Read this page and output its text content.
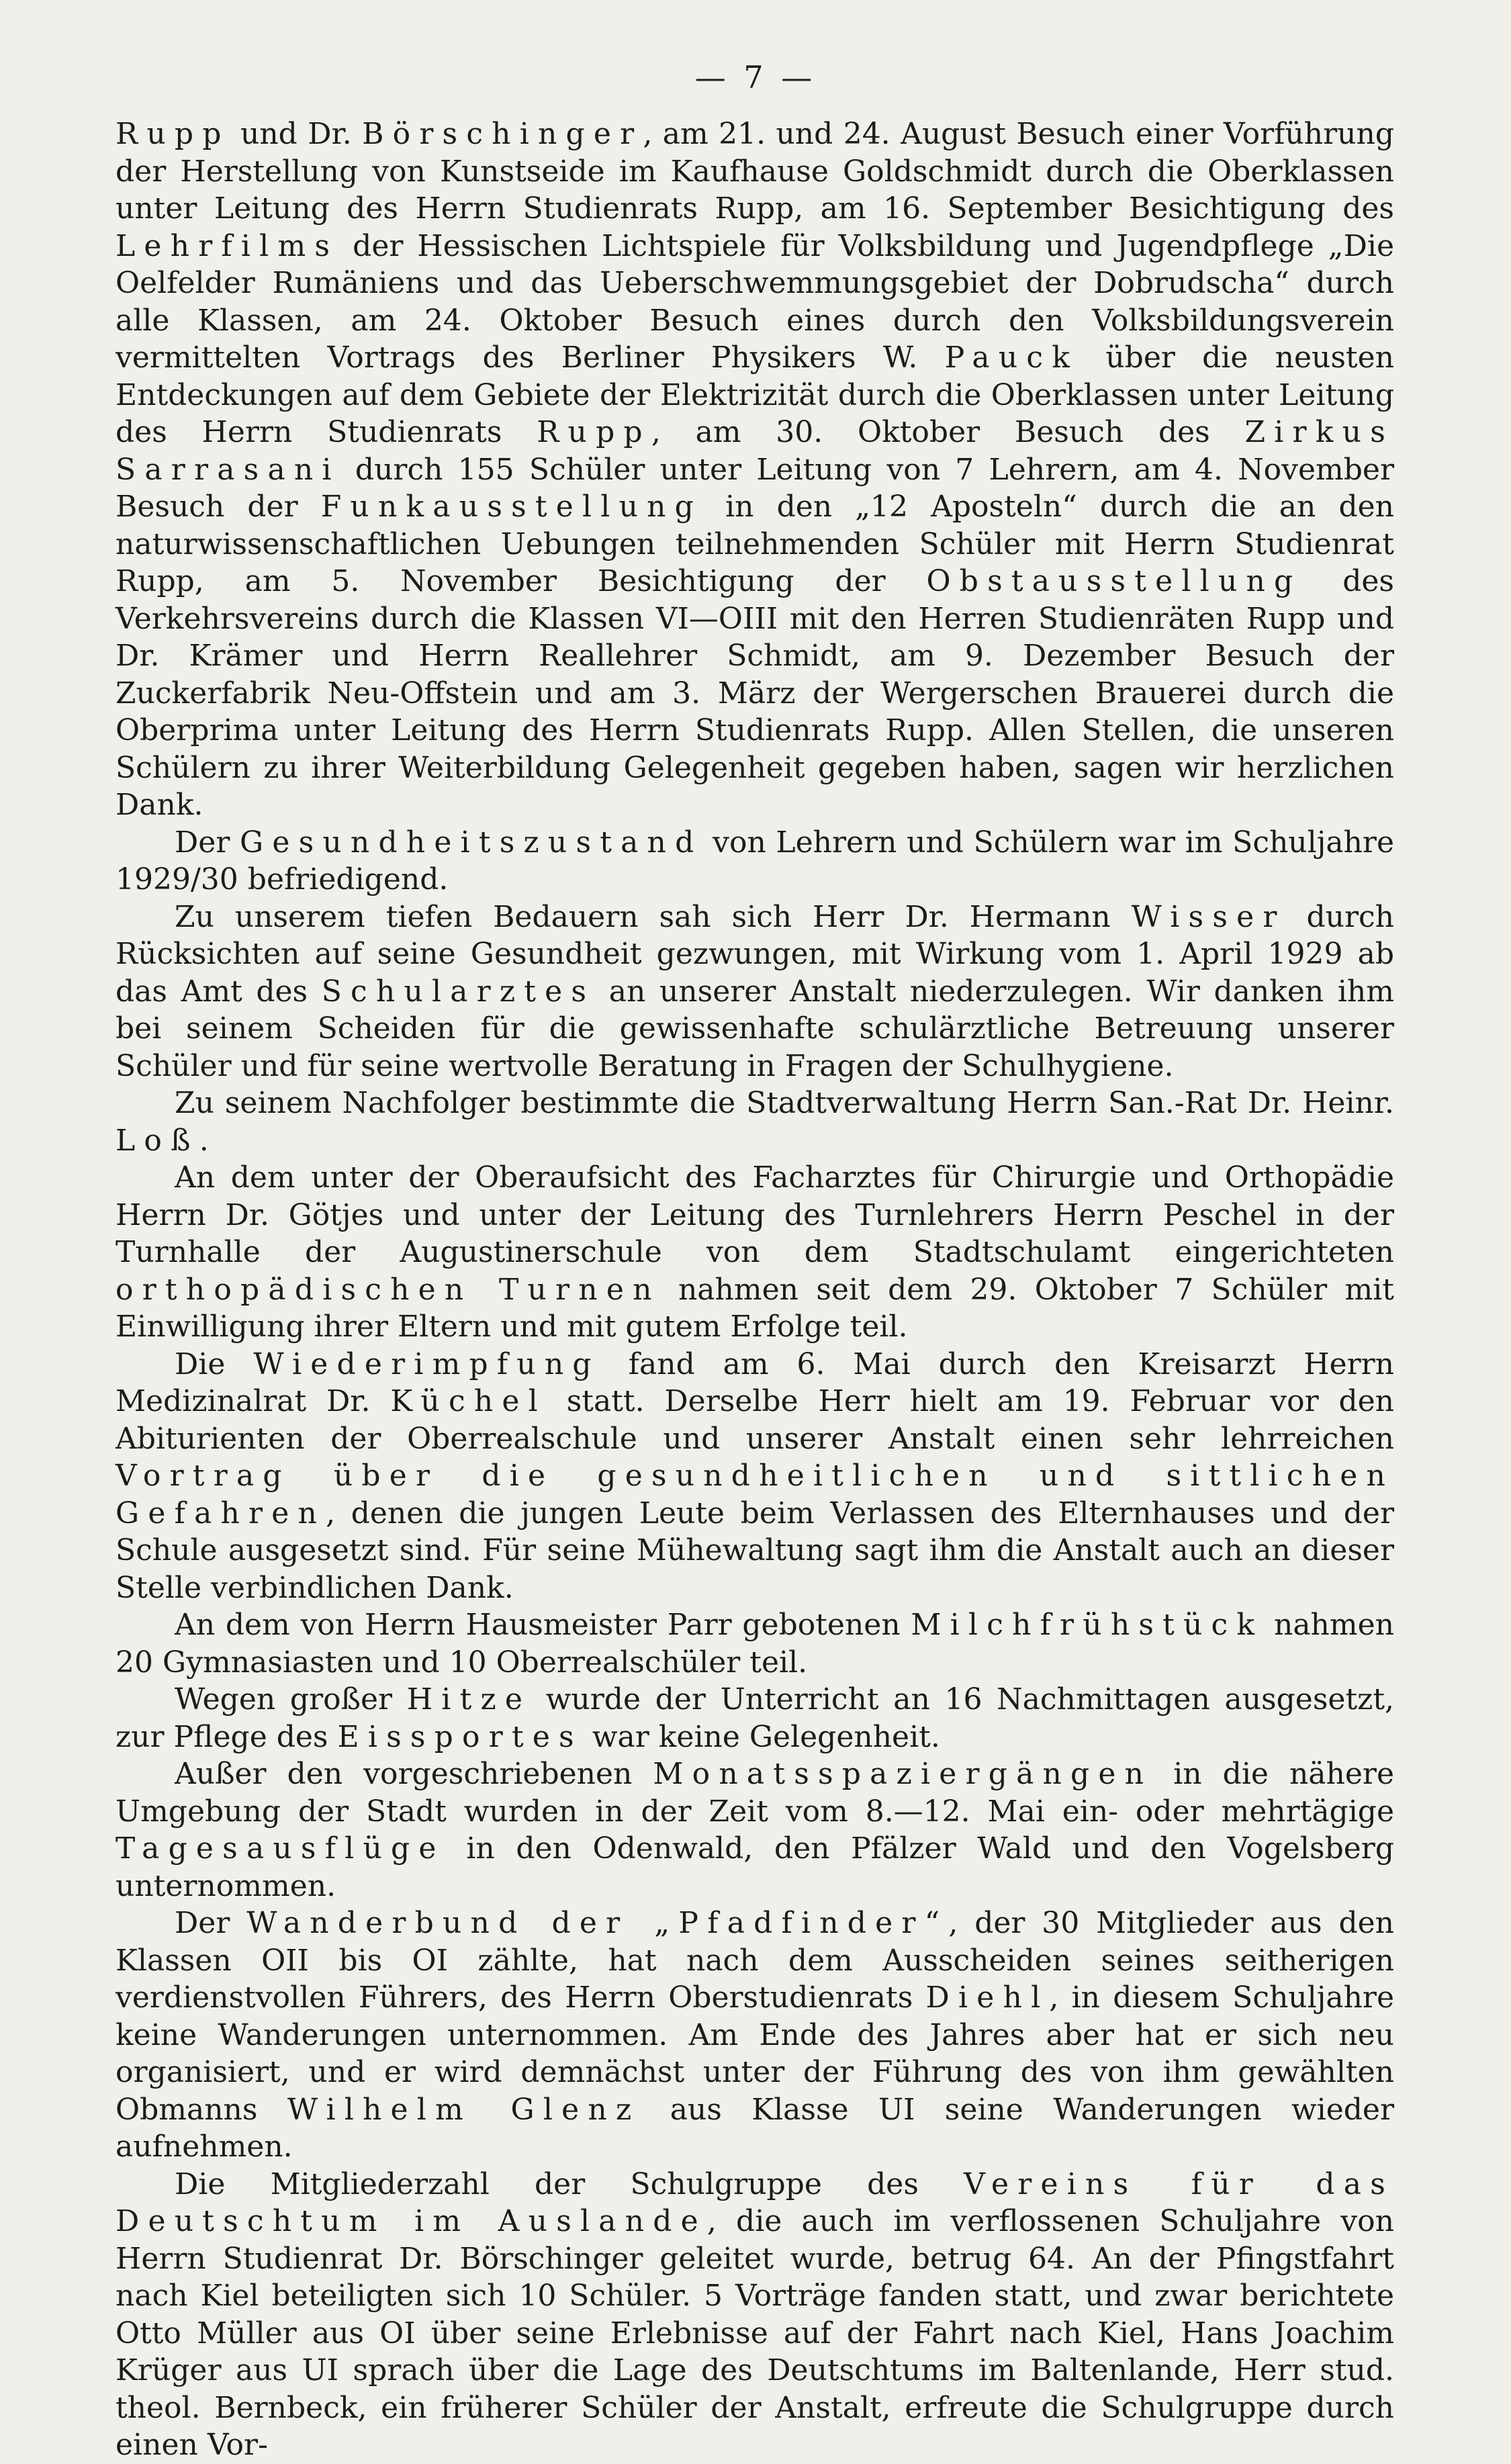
— 7 —

Rupp und Dr. Börschinger, am 21. und 24. August Besuch einer Vorführung der Herstellung von Kunstseide im Kaufhause Goldschmidt durch die Oberklassen unter Leitung des Herrn Studienrats Rupp, am 16. September Besichtigung des Lehrfilms der Hessischen Lichtspiele für Volksbildung und Jugendpflege „Die Oelfelder Rumäniens und das Ueberschwemmungsgebiet der Dobrudscha“ durch alle Klassen, am 24. Oktober Besuch eines durch den Volksbildungsverein vermittelten Vortrags des Berliner Physikers W. Pauck über die neusten Entdeckungen auf dem Gebiete der Elektrizität durch die Oberklassen unter Leitung des Herrn Studienrats Rupp, am 30. Oktober Besuch des Zirkus Sarrasani durch 155 Schüler unter Leitung von 7 Lehrern, am 4. November Besuch der Funkausstellung in den „12 Aposteln“ durch die an den naturwissenschaftlichen Uebungen teilnehmenden Schüler mit Herrn Studienrat Rupp, am 5. November Besichtigung der Obstausstellung des Verkehrsvereins durch die Klassen VI—OIII mit den Herren Studienräten Rupp und Dr. Krämer und Herrn Reallehrer Schmidt, am 9. Dezember Besuch der Zuckerfabrik Neu-Offstein und am 3. März der Wergerschen Brauerei durch die Oberprima unter Leitung des Herrn Studienrats Rupp. Allen Stellen, die unseren Schülern zu ihrer Weiterbildung Gelegenheit gegeben haben, sagen wir herzlichen Dank.

Der Gesundheitszustand von Lehrern und Schülern war im Schuljahre 1929/30 befriedigend.

Zu unserem tiefen Bedauern sah sich Herr Dr. Hermann Wisser durch Rücksichten auf seine Gesundheit gezwungen, mit Wirkung vom 1. April 1929 ab das Amt des Schularztes an unserer Anstalt niederzulegen. Wir danken ihm bei seinem Scheiden für die gewissenhafte schulärztliche Betreuung unserer Schüler und für seine wertvolle Beratung in Fragen der Schulhygiene.

Zu seinem Nachfolger bestimmte die Stadtverwaltung Herrn San.-Rat Dr. Heinr. Loß.

An dem unter der Oberaufsicht des Facharztes für Chirurgie und Orthopädie Herrn Dr. Götjes und unter der Leitung des Turnlehrers Herrn Peschel in der Turnhalle der Augustinerschule von dem Stadtschulamt eingerichteten orthopädischen Turnen nahmen seit dem 29. Oktober 7 Schüler mit Einwilligung ihrer Eltern und mit gutem Erfolge teil.

Die Wiederimpfung fand am 6. Mai durch den Kreisarzt Herrn Medizinalrat Dr. Küchel statt. Derselbe Herr hielt am 19. Februar vor den Abiturienten der Oberrealschule und unserer Anstalt einen sehr lehrreichen Vortrag über die gesundheitlichen und sittlichen Gefahren, denen die jungen Leute beim Verlassen des Elternhauses und der Schule ausgesetzt sind. Für seine Mühewaltung sagt ihm die Anstalt auch an dieser Stelle verbindlichen Dank.

An dem von Herrn Hausmeister Parr gebotenen Milchfrühstück nahmen 20 Gymnasiasten und 10 Oberrealschüler teil.

Wegen großer Hitze wurde der Unterricht an 16 Nachmittagen ausgesetzt, zur Pflege des Eissportes war keine Gelegenheit.

Außer den vorgeschriebenen Monatsspaziergängen in die nähere Umgebung der Stadt wurden in der Zeit vom 8.—12. Mai ein- oder mehrtägige Tagesausflüge in den Odenwald, den Pfälzer Wald und den Vogelsberg unternommen.

Der Wanderbund der „Pfadfinder“, der 30 Mitglieder aus den Klassen OII bis OI zählte, hat nach dem Ausscheiden seines seitherigen verdienstvollen Führers, des Herrn Oberstudienrats Diehl, in diesem Schuljahre keine Wanderungen unternommen. Am Ende des Jahres aber hat er sich neu organisiert, und er wird demnächst unter der Führung des von ihm gewählten Obmanns Wilhelm Glenz aus Klasse UI seine Wanderungen wieder aufnehmen.

Die Mitgliederzahl der Schulgruppe des Vereins für das Deutschtum im Auslande, die auch im verflossenen Schuljahre von Herrn Studienrat Dr. Börschinger geleitet wurde, betrug 64. An der Pfingstfahrt nach Kiel beteiligten sich 10 Schüler. 5 Vorträge fanden statt, und zwar berichtete Otto Müller aus OI über seine Erlebnisse auf der Fahrt nach Kiel, Hans Joachim Krüger aus UI sprach über die Lage des Deutschtums im Baltenlande, Herr stud. theol. Bernbeck, ein früherer Schüler der Anstalt, erfreute die Schulgruppe durch einen Vor-
